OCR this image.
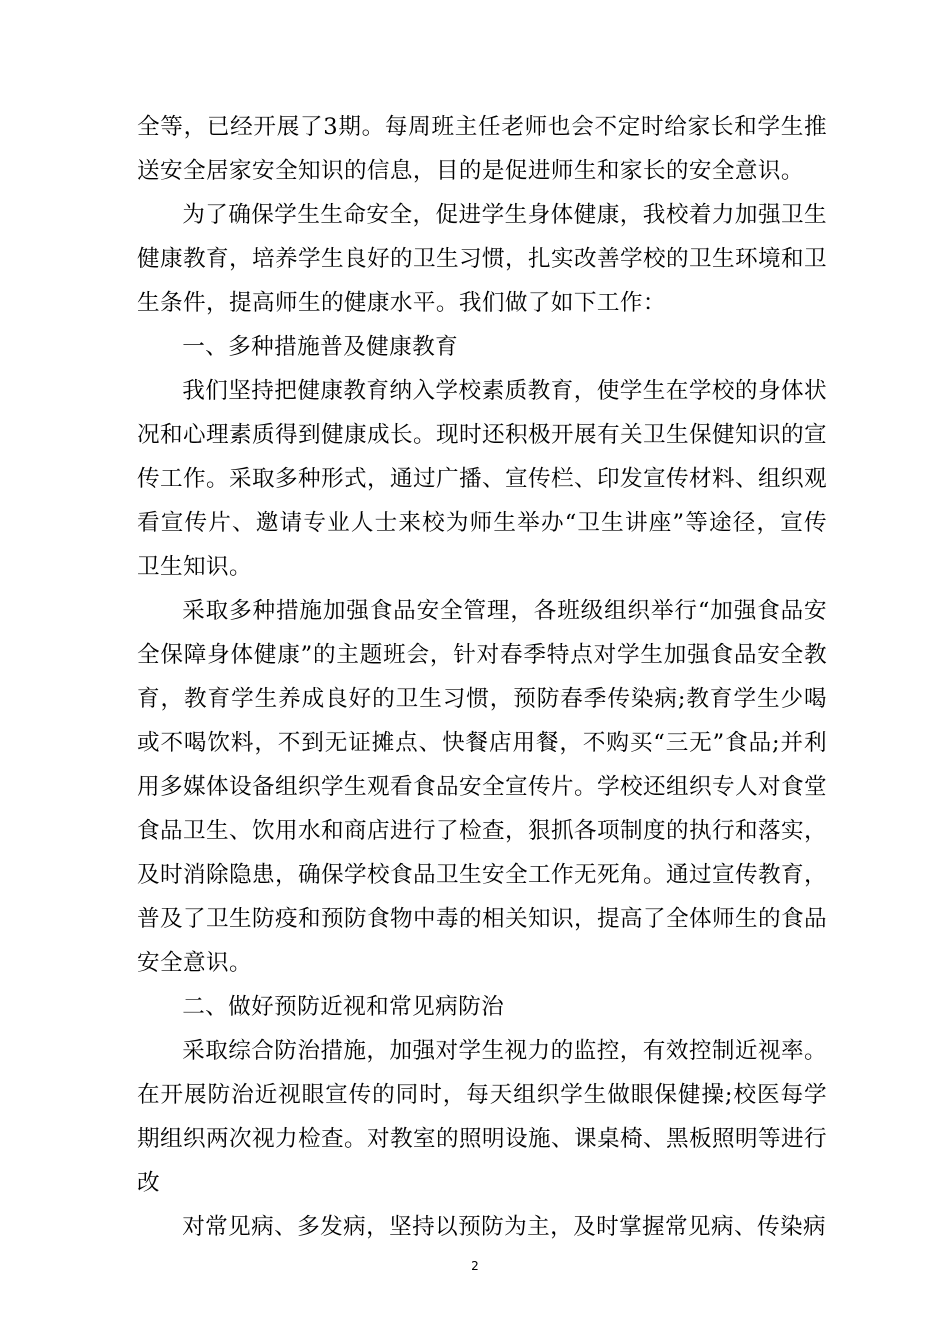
全等，已经开展了3期。每周班主任老师也会不定时给家长和学生推送安全居家安全知识的信息，目的是促进师生和家长的安全意识。

为了确保学生生命安全，促进学生身体健康，我校着力加强卫生健康教育，培养学生良好的卫生习惯，扎实改善学校的卫生环境和卫生条件，提高师生的健康水平。我们做了如下工作：

一、多种措施普及健康教育

我们坚持把健康教育纳入学校素质教育，使学生在学校的身体状况和心理素质得到健康成长。现时还积极开展有关卫生保健知识的宣传工作。采取多种形式，通过广播、宣传栏、印发宣传材料、组织观看宣传片、邀请专业人士来校为师生举办“卫生讲座”等途径，宣传卫生知识。

采取多种措施加强食品安全管理，各班级组织举行“加强食品安全保障身体健康”的主题班会，针对春季特点对学生加强食品安全教育，教育学生养成良好的卫生习惯，预防春季传染病;教育学生少喝或不喝饮料，不到无证摊点、快餐店用餐，不购买“三无”食品;并利用多媒体设备组织学生观看食品安全宣传片。学校还组织专人对食堂食品卫生、饮用水和商店进行了检查，狠抓各项制度的执行和落实，及时消除隐患，确保学校食品卫生安全工作无死角。通过宣传教育，普及了卫生防疫和预防食物中毒的相关知识，提高了全体师生的食品安全意识。

二、做好预防近视和常见病防治

采取综合防治措施，加强对学生视力的监控，有效控制近视率。在开展防治近视眼宣传的同时，每天组织学生做眼保健操;校医每学期组织两次视力检查。对教室的照明设施、课桌椅、黑板照明等进行改

对常见病、多发病，坚持以预防为主，及时掌握常见病、传染病

2
